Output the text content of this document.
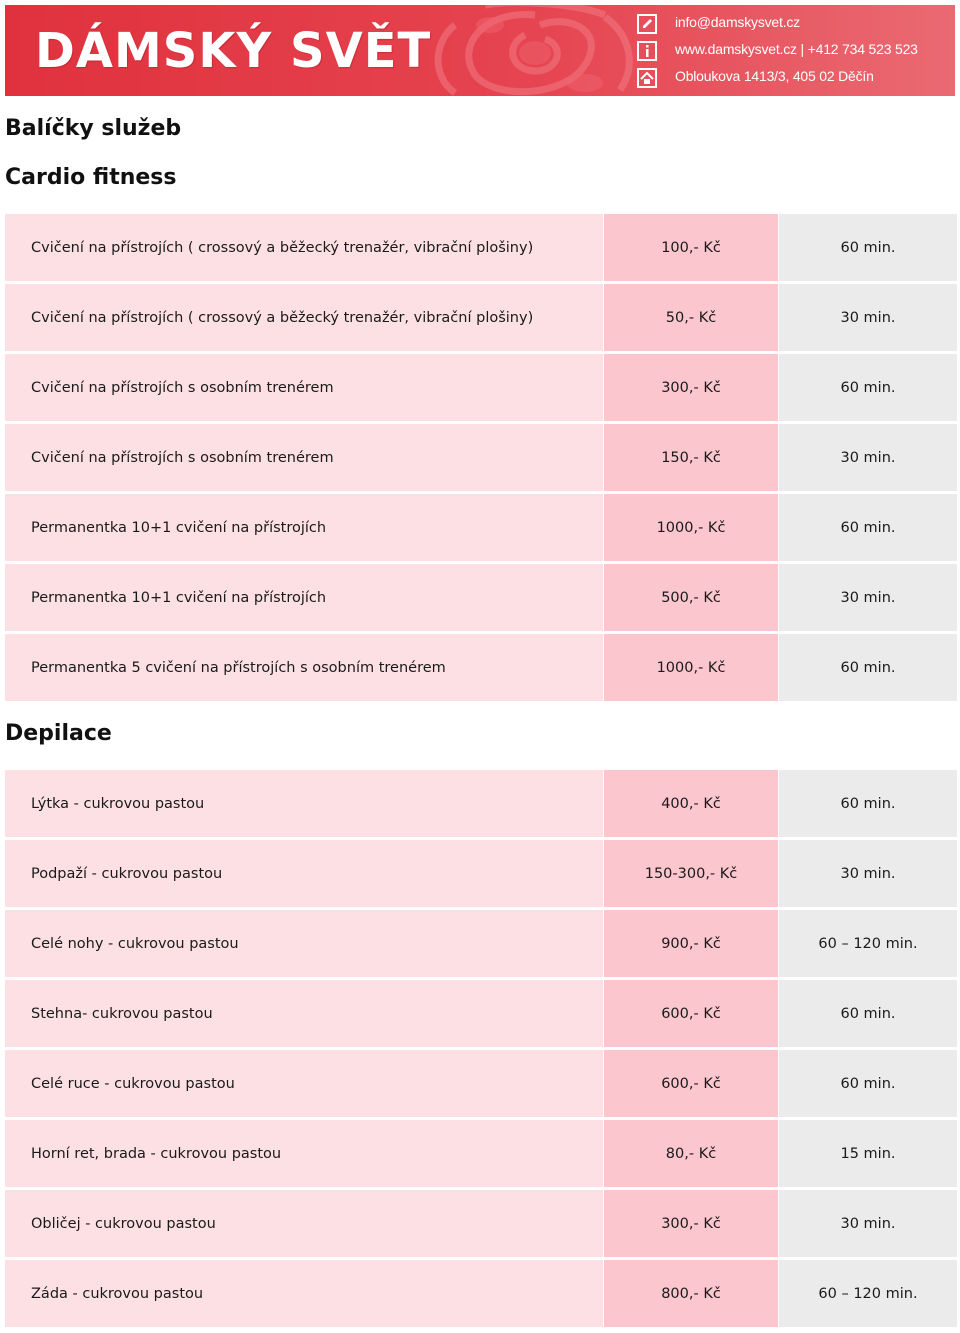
DÁMSKÝ SVĚT
info@damskysvet.cz
www.damskysvet.cz | +412 734 523 523
Obloukova 1413/3, 405 02 Děčín
Balíčky služeb
Cardio fitness
Cvičení na přístrojích ( crossový a běžecký trenažér, vibrační plošiny)	100,- Kč	60 min.
Cvičení na přístrojích ( crossový a běžecký trenažér, vibrační plošiny)	50,- Kč	30 min.
Cvičení na přístrojích s osobním trenérem	300,- Kč	60 min.
Cvičení na přístrojích s osobním trenérem	150,- Kč	30 min.
Permanentka 10+1 cvičení na přístrojích	1000,- Kč	60 min.
Permanentka 10+1 cvičení na přístrojích	500,- Kč	30 min.
Permanentka 5 cvičení na přístrojích s osobním trenérem	1000,- Kč	60 min.
Depilace
Lýtka - cukrovou pastou	400,- Kč	60 min.
Podpaží - cukrovou pastou	150-300,- Kč	30 min.
Celé nohy - cukrovou pastou	900,- Kč	60 – 120 min.
Stehna- cukrovou pastou	600,- Kč	60 min.
Celé ruce - cukrovou pastou	600,- Kč	60 min.
Horní ret, brada - cukrovou pastou	80,- Kč	15 min.
Obličej - cukrovou pastou	300,- Kč	30 min.
Záda - cukrovou pastou	800,- Kč	60 – 120 min.
